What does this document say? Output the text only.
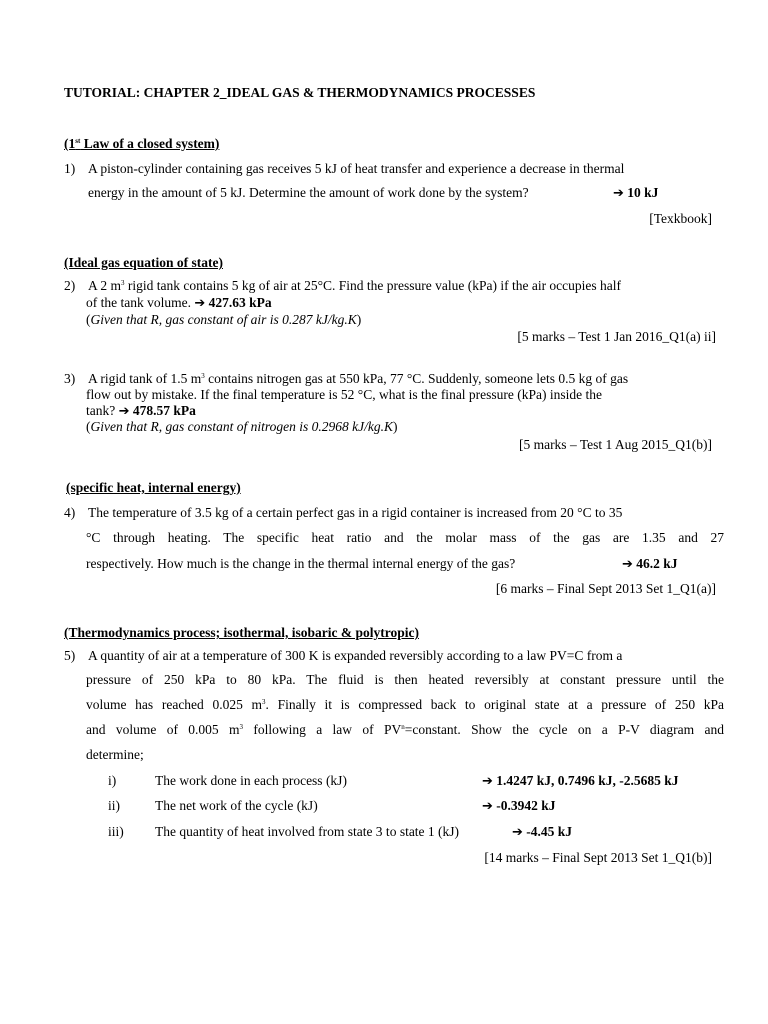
TUTORIAL: CHAPTER 2_IDEAL GAS & THERMODYNAMICS PROCESSES
(1st Law of a closed system)
1) A piston-cylinder containing gas receives 5 kJ of heat transfer and experience a decrease in thermal
energy in the amount of 5 kJ. Determine the amount of work done by the system?	➔ 10 kJ
[Texkbook]
(Ideal gas equation of state)
2) A 2 $m^3$ rigid tank contains 5 kg of air at 25°C. Find the pressure value (kPa) if the air occupies half
of the tank volume. ➔ 427.63 kPa
(Given that R, gas constant of air is 0.287 kJ/kg.K)
[5 marks – Test 1 Jan 2016_Q1(a) ii]
3) A rigid tank of 1.5 $m^3$ contains nitrogen gas at 550 kPa, 77 °C. Suddenly, someone lets 0.5 kg of gas
flow out by mistake. If the final temperature is 52 °C, what is the final pressure (kPa) inside the
tank? ➔ 478.57 kPa
(Given that R, gas constant of nitrogen is 0.2968 kJ/kg.K)
[5 marks – Test 1 Aug 2015_Q1(b)]
(specific heat, internal energy)
4) The temperature of 3.5 kg of a certain perfect gas in a rigid container is increased from 20 °C to 35
°C through heating. The specific heat ratio and the molar mass of the gas are 1.35 and 27
respectively. How much is the change in the thermal internal energy of the gas?	➔ 46.2 kJ
[6 marks – Final Sept 2013 Set 1_Q1(a)]
(Thermodynamics process; isothermal, isobaric & polytropic)
5) A quantity of air at a temperature of 300 K is expanded reversibly according to a law PV=C from a
pressure of 250 kPa to 80 kPa. The fluid is then heated reversibly at constant pressure until the
volume has reached 0.025 $m^3$. Finally it is compressed back to original state at a pressure of 250 kPa
and volume of 0.005 $m^3$ following a law of $PV^n=constant$. Show the cycle on a P-V diagram and
determine;
i)	The work done in each process (kJ)	➔ 1.4247 kJ, 0.7496 kJ, -2.5685 kJ
ii)	The net work of the cycle (kJ)	➔ -0.3942 kJ
iii) The quantity of heat involved from state 3 to state 1 (kJ)	➔ -4.45 kJ
[14 marks – Final Sept 2013 Set 1_Q1(b)]
